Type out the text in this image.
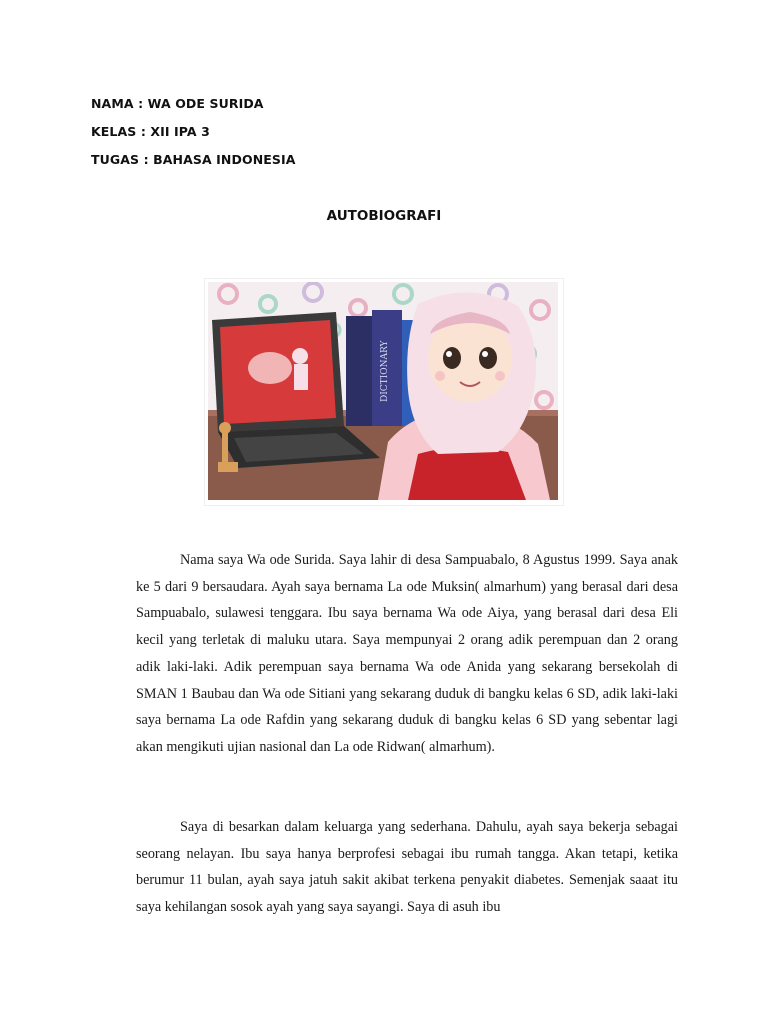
NAMA : WA ODE SURIDA
KELAS : XII IPA 3
TUGAS : BAHASA INDONESIA
AUTOBIOGRAFI
DICTIONARY

Nama saya Wa ode Surida. Saya lahir di desa Sampuabalo, 8 Agustus 1999. Saya anak ke 5 dari 9 bersaudara. Ayah saya bernama La ode Muksin( almarhum) yang berasal dari desa Sampuabalo, sulawesi tenggara. Ibu saya bernama Wa ode Aiya, yang berasal dari desa Eli kecil yang terletak di maluku utara. Saya mempunyai 2 orang adik perempuan dan 2 orang adik laki-laki. Adik perempuan saya bernama Wa ode Anida yang sekarang bersekolah di SMAN 1 Baubau dan Wa ode Sitiani yang sekarang duduk di bangku kelas 6 SD, adik laki-laki saya bernama La ode Rafdin yang sekarang duduk di bangku kelas 6 SD yang sebentar lagi akan mengikuti ujian nasional dan La ode Ridwan( almarhum).

Saya di besarkan dalam keluarga yang sederhana. Dahulu, ayah saya bekerja sebagai seorang nelayan. Ibu saya hanya berprofesi sebagai ibu rumah tangga. Akan tetapi, ketika berumur 11 bulan, ayah saya jatuh sakit akibat terkena penyakit diabetes. Semenjak saaat itu saya kehilangan sosok ayah yang saya sayangi. Saya di asuh ibu
